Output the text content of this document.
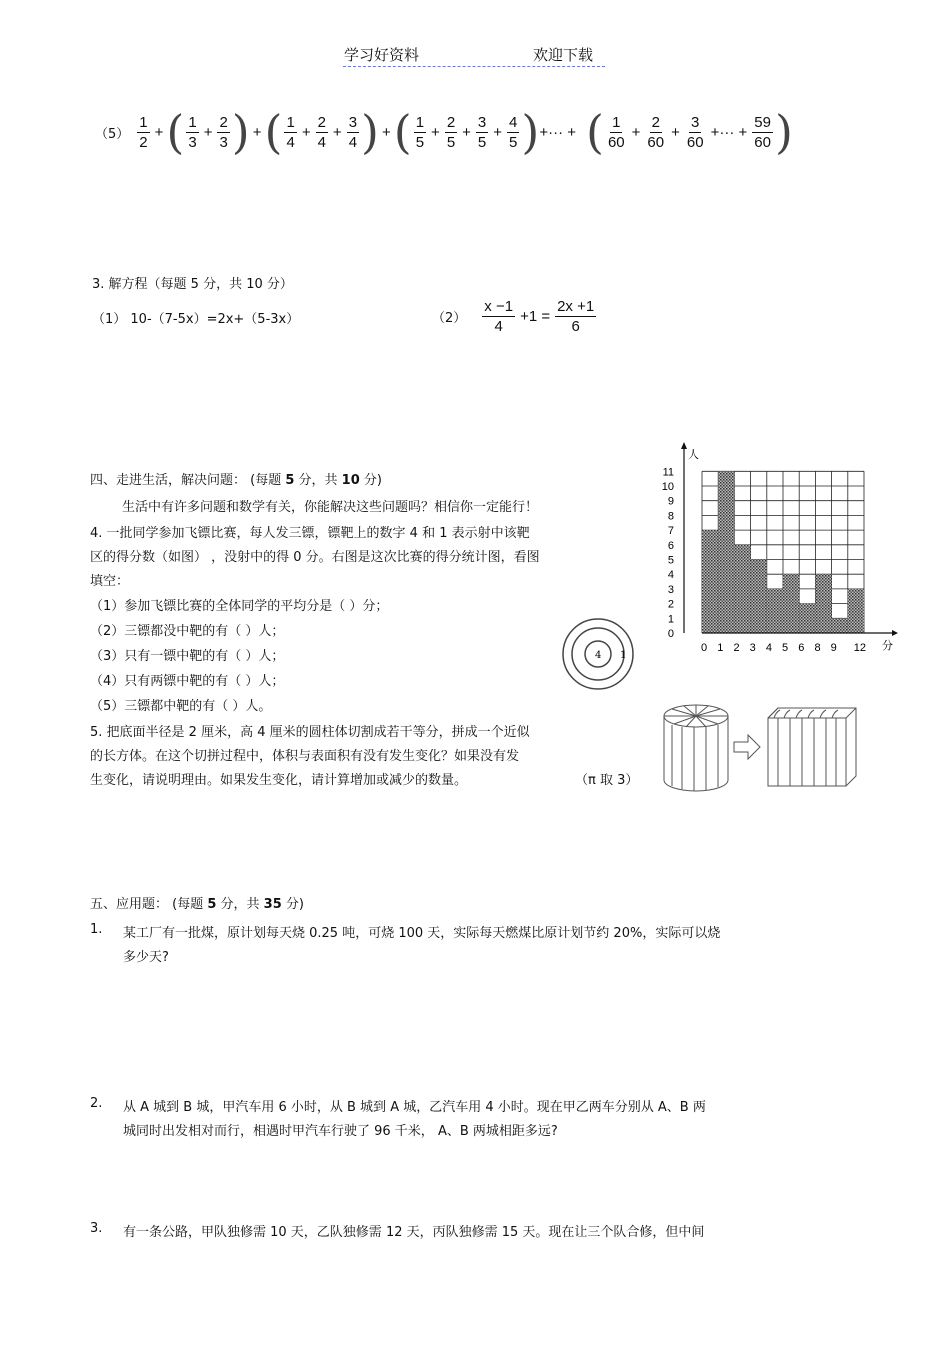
学习好资料	欢迎下载
$(5) \frac{1}{2}$ + ( $\frac{1}{3} + \frac{2}{3}$ ) + ( $\frac{1}{4} + \frac{2}{4} + \frac{3}{4}$ ) + ( $\frac{1}{5} + \frac{2}{5} + \frac{3}{5} + \frac{4}{5}$ ) +··· + ( $\frac{1}{60} + \frac{2}{60} + \frac{3}{60}$ +··· + $\frac{59}{60}$ )
3. 解方程（每题 5 分，共 10 分）
（1） 10-（7-5x）=2x+（5-3x）	$(2) \frac{x -1}{4} +1 = \frac{2x +1}{6}$
四、走进生活，解决问题： (每题 5 分，共 10 分)
生活中有许多问题和数学有关，你能解决这些问题吗？相信你一定能行！
4. 一批同学参加飞镖比赛，每人发三镖，镖靶上的数字 4 和 1 表示射中该靶
区的得分数（如图） ，没射中的得 0 分。右图是这次比赛的得分统计图，看图
填空：
（1）参加飞镖比赛的全体同学的平均分是（ ）分；
（2）三镖都没中靶的有（ ）人；
（3）只有一镖中靶的有（ ）人；
（4）只有两镖中靶的有（ ）人；
（5）三镖都中靶的有（ ）人。
5. 把底面半径是 2 厘米，高 4 厘米的圆柱体切割成若干等分，拼成一个近似
的长方体。在这个切拼过程中，体积与表面积有没有发生变化？如果没有发
生变化，请说明理由。如果发生变化，请计算增加或减少的数量。	（π 取 3）
4 1
0
1
2
3
4
5
6
7
8
9
10
11
0 1 2 3 4 5 6 8 9 12 分
人
五、应用题： (每题 5 分，共 35 分)
1. 某工厂有一批煤，原计划每天烧 0.25 吨，可烧 100 天，实际每天燃煤比原计划节约 20%，实际可以烧
多少天?
2. 从 A 城到 B 城，甲汽车用 6 小时，从 B 城到 A 城，乙汽车用 4 小时。现在甲乙两车分别从 A、B 两
城同时出发相对而行，相遇时甲汽车行驶了 96 千米， A、B 两城相距多远?
3. 有一条公路，甲队独修需 10 天，乙队独修需 12 天，丙队独修需 15 天。现在让三个队合修，但中间
